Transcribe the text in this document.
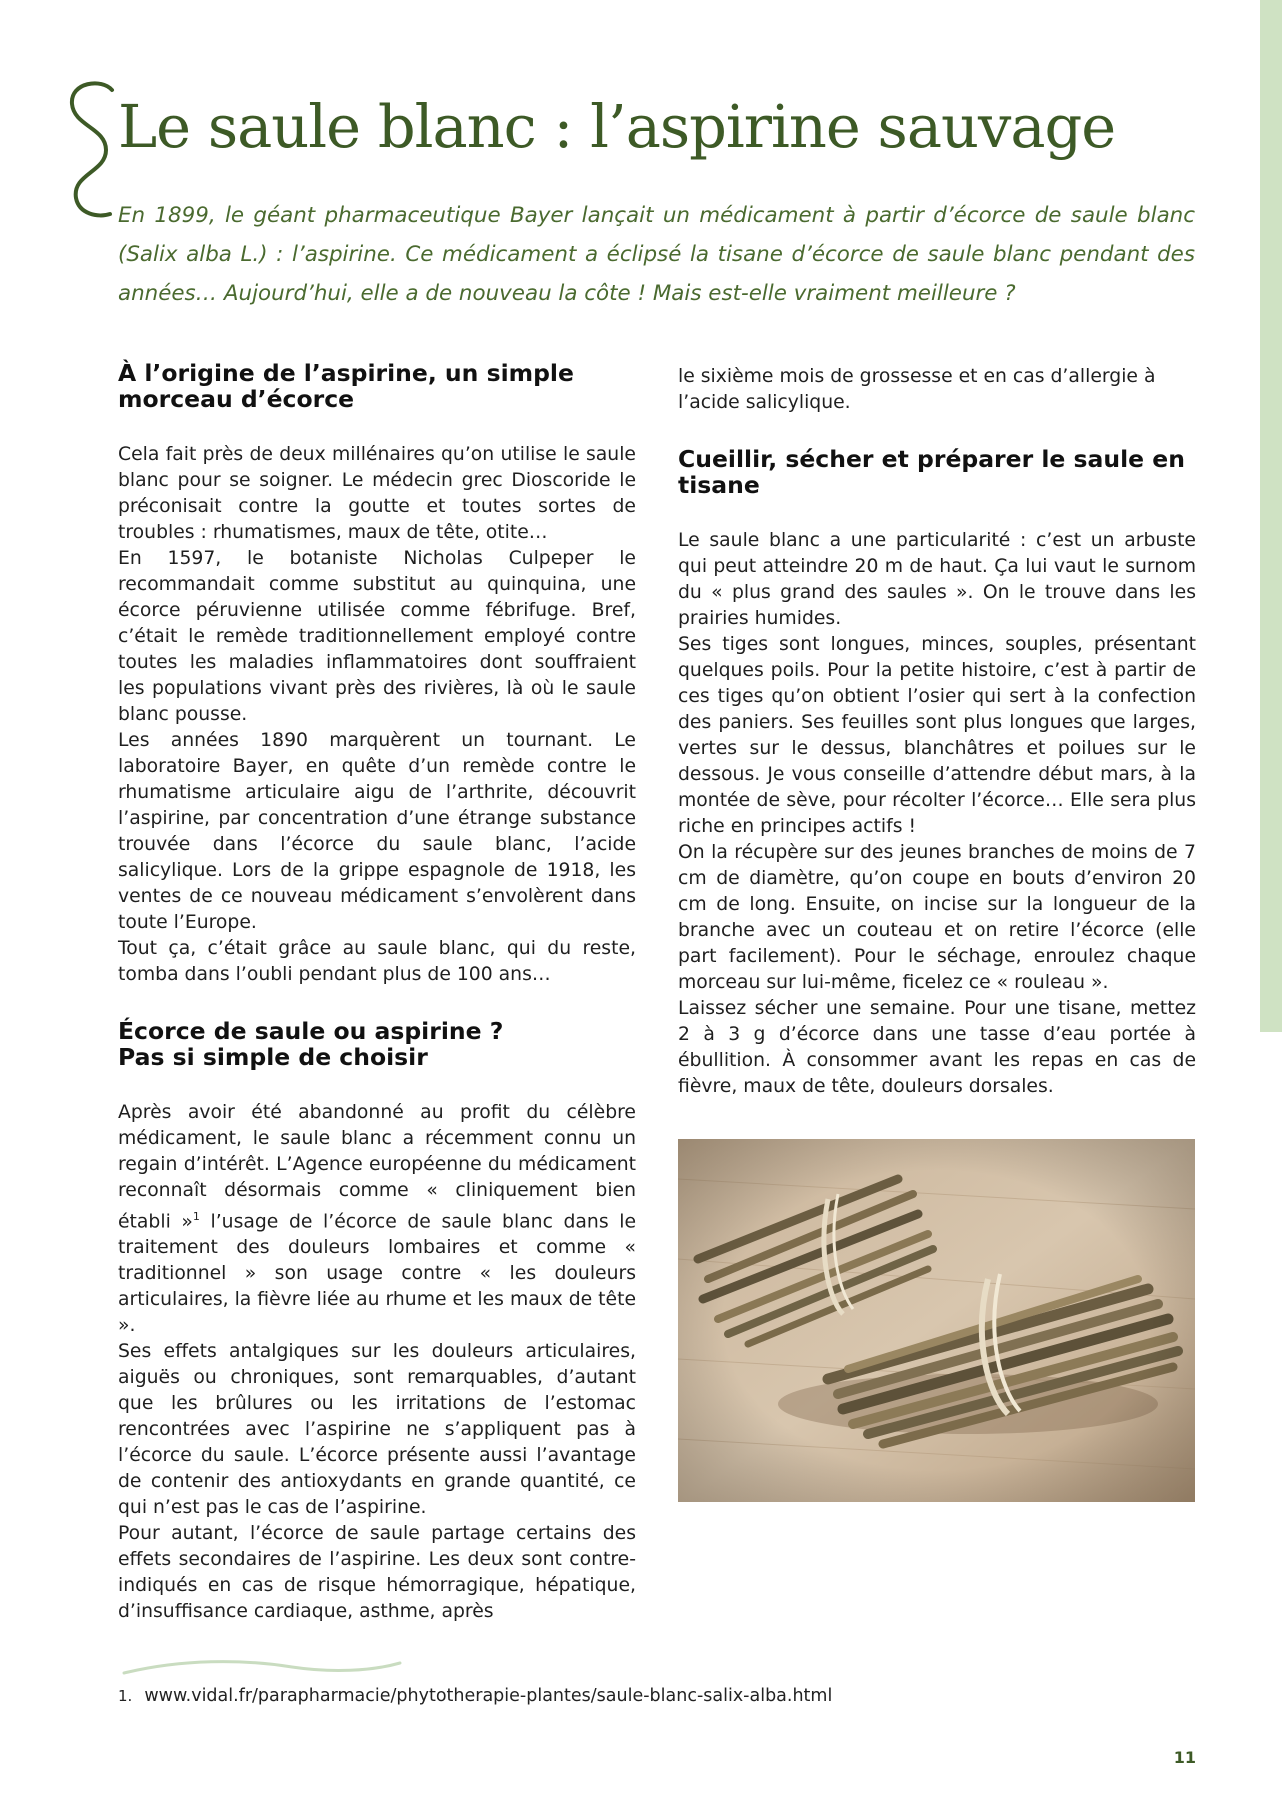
Le saule blanc : l’aspirine sauvage

En 1899, le géant pharmaceutique Bayer lançait un médicament à partir d’écorce de saule blanc (Salix alba L.) : l’aspirine. Ce médicament a éclipsé la tisane d’écorce de saule blanc pendant des années… Aujourd’hui, elle a de nouveau la côte ! Mais est-elle vraiment meilleure ?

À l’origine de l’aspirine, un simple morceau d’écorce

Cela fait près de deux millénaires qu’on utilise le saule blanc pour se soigner. Le médecin grec Dioscoride le préconisait contre la goutte et toutes sortes de troubles : rhumatismes, maux de tête, otite…

En 1597, le botaniste Nicholas Culpeper le recommandait comme substitut au quinquina, une écorce péruvienne utilisée comme fébrifuge. Bref, c’était le remède traditionnellement employé contre toutes les maladies inflammatoires dont souffraient les populations vivant près des rivières, là où le saule blanc pousse.

Les années 1890 marquèrent un tournant. Le laboratoire Bayer, en quête d’un remède contre le rhumatisme articulaire aigu de l’arthrite, découvrit l’aspirine, par concentration d’une étrange substance trouvée dans l’écorce du saule blanc, l’acide salicylique. Lors de la grippe espagnole de 1918, les ventes de ce nouveau médicament s’envolèrent dans toute l’Europe.

Tout ça, c’était grâce au saule blanc, qui du reste, tomba dans l’oubli pendant plus de 100 ans…

Écorce de saule ou aspirine ?
Pas si simple de choisir

Après avoir été abandonné au profit du célèbre médicament, le saule blanc a récemment connu un regain d’intérêt. L’Agence européenne du médicament reconnaît désormais comme « cliniquement bien établi »$^1$ l’usage de l’écorce de saule blanc dans le traitement des douleurs lombaires et comme « traditionnel » son usage contre « les douleurs articulaires, la fièvre liée au rhume et les maux de tête ».

Ses effets antalgiques sur les douleurs articulaires, aiguës ou chroniques, sont remarquables, d’autant que les brûlures ou les irritations de l’estomac rencontrées avec l’aspirine ne s’appliquent pas à l’écorce du saule. L’écorce présente aussi l’avantage de contenir des antioxydants en grande quantité, ce qui n’est pas le cas de l’aspirine.

Pour autant, l’écorce de saule partage certains des effets secondaires de l’aspirine. Les deux sont contre-indiqués en cas de risque hémorragique, hépatique, d’insuffisance cardiaque, asthme, après

le sixième mois de grossesse et en cas d’allergie à l’acide salicylique.

Cueillir, sécher et préparer le saule en tisane

Le saule blanc a une particularité : c’est un arbuste qui peut atteindre 20 m de haut. Ça lui vaut le surnom du « plus grand des saules ». On le trouve dans les prairies humides.

Ses tiges sont longues, minces, souples, présentant quelques poils. Pour la petite histoire, c’est à partir de ces tiges qu’on obtient l’osier qui sert à la confection des paniers. Ses feuilles sont plus longues que larges, vertes sur le dessus, blanchâtres et poilues sur le dessous. Je vous conseille d’attendre début mars, à la montée de sève, pour récolter l’écorce… Elle sera plus riche en principes actifs !

On la récupère sur des jeunes branches de moins de 7 cm de diamètre, qu’on coupe en bouts d’environ 20 cm de long. Ensuite, on incise sur la longueur de la branche avec un couteau et on retire l’écorce (elle part facilement). Pour le séchage, enroulez chaque morceau sur lui-même, ficelez ce « rouleau ».

Laissez sécher une semaine. Pour une tisane, mettez 2 à 3 g d’écorce dans une tasse d’eau portée à ébullition. À consommer avant les repas en cas de fièvre, maux de tête, douleurs dorsales.

1. www.vidal.fr/parapharmacie/phytotherapie-plantes/saule-blanc-salix-alba.html
11
